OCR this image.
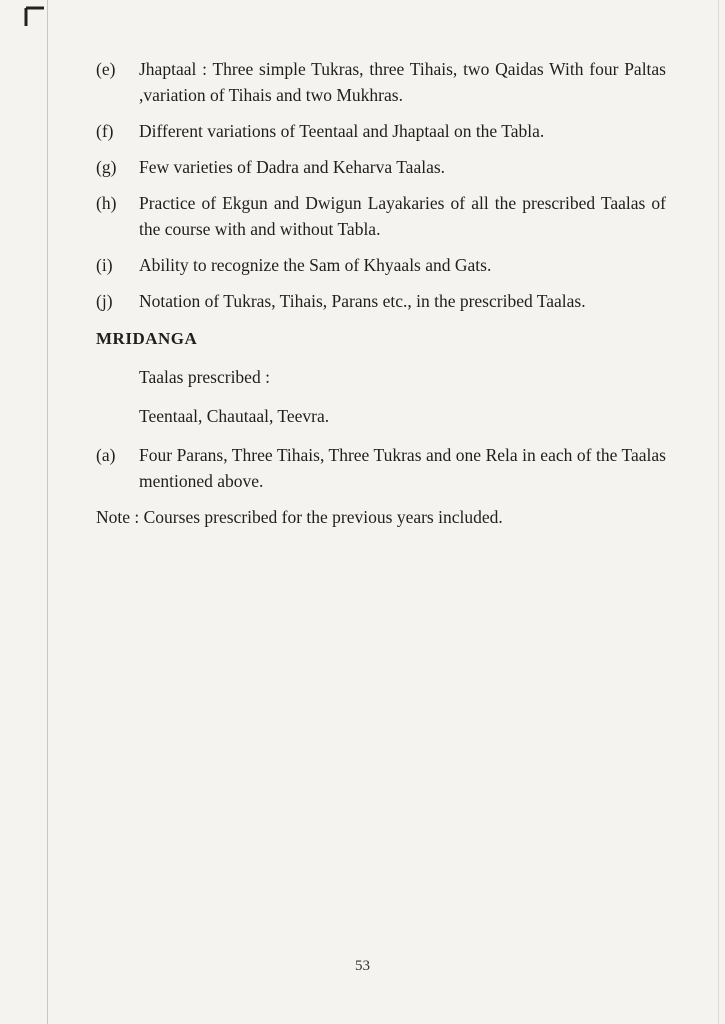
(e)	Jhaptaal : Three simple Tukras, three Tihais, two Qaidas With four Paltas ,variation of Tihais and two Mukhras.
(f)	Different variations of Teentaal and Jhaptaal on the Tabla.
(g)	Few varieties of Dadra and Keharva Taalas.
(h)	Practice of Ekgun and Dwigun Layakaries of all the prescribed Taalas of the course with and without Tabla.
(i)	Ability to recognize the Sam of Khyaals and Gats.
(j)	Notation of Tukras, Tihais, Parans etc., in the prescribed Taalas.
MRIDANGA
Taalas prescribed :
Teentaal, Chautaal, Teevra.
(a)	Four Parans, Three Tihais, Three Tukras and one Rela in each of the Taalas mentioned above.
Note : Courses prescribed for the previous years included.
53
